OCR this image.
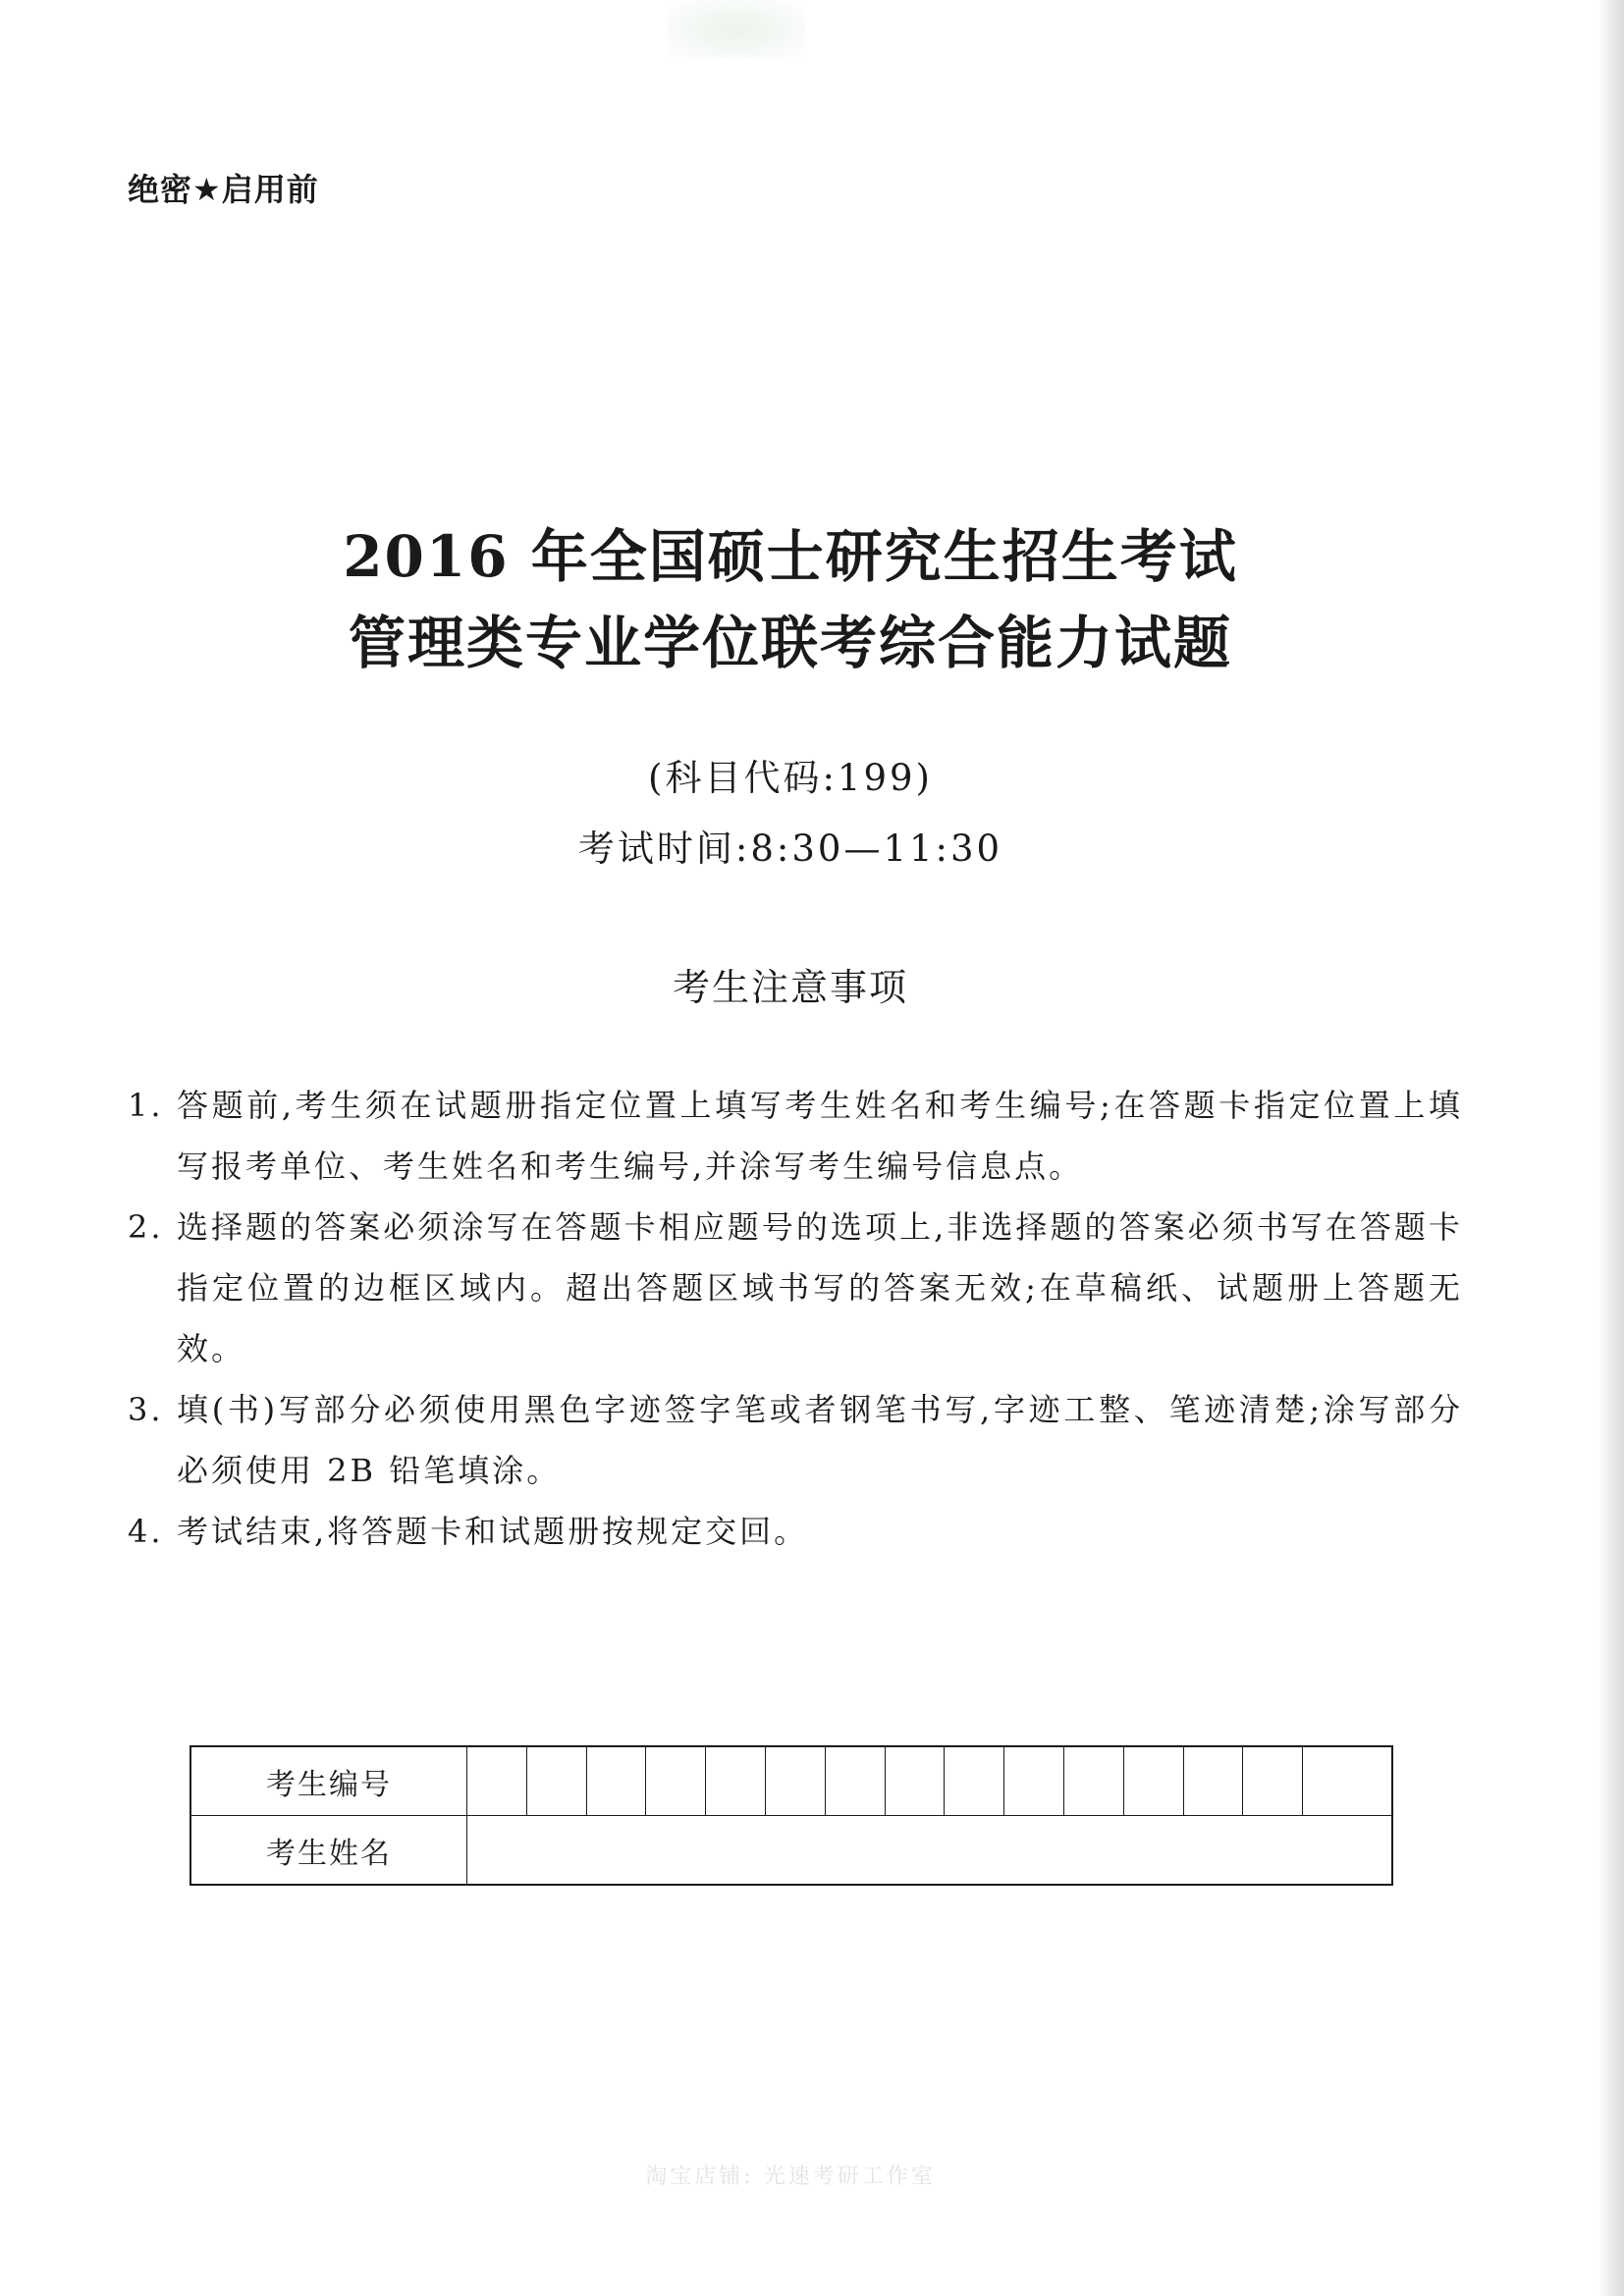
绝密★启用前
2016 年全国硕士研究生招生考试
管理类专业学位联考综合能力试题
(科目代码:199)
考试时间:8:30—11:30
考生注意事项
1. 答题前,考生须在试题册指定位置上填写考生姓名和考生编号;在答题卡指定位置上填写报考单位、考生姓名和考生编号,并涂写考生编号信息点。
2. 选择题的答案必须涂写在答题卡相应题号的选项上,非选择题的答案必须书写在答题卡指定位置的边框区域内。超出答题区域书写的答案无效;在草稿纸、试题册上答题无效。
3. 填(书)写部分必须使用黑色字迹签字笔或者钢笔书写,字迹工整、笔迹清楚;涂写部分必须使用 2B 铅笔填涂。
4. 考试结束,将答题卡和试题册按规定交回。
考生编号															
考生姓名															
淘宝店铺: 光速考研工作室
